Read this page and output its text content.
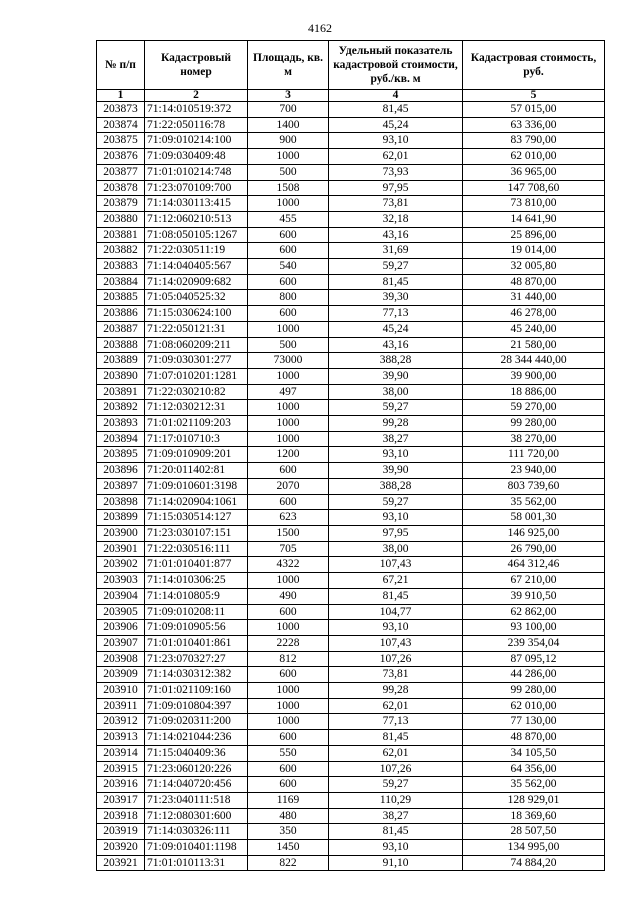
4162
№ п/п	Кадастровый номер	Площадь, кв. м	Удельный показатель кадастровой стоимости, руб./кв. м	Кадастровая стоимость, руб.
1	2	3	4	5
203873	71:14:010519:372	700	81,45	57 015,00
203874	71:22:050116:78	1400	45,24	63 336,00
203875	71:09:010214:100	900	93,10	83 790,00
203876	71:09:030409:48	1000	62,01	62 010,00
203877	71:01:010214:748	500	73,93	36 965,00
203878	71:23:070109:700	1508	97,95	147 708,60
203879	71:14:030113:415	1000	73,81	73 810,00
203880	71:12:060210:513	455	32,18	14 641,90
203881	71:08:050105:1267	600	43,16	25 896,00
203882	71:22:030511:19	600	31,69	19 014,00
203883	71:14:040405:567	540	59,27	32 005,80
203884	71:14:020909:682	600	81,45	48 870,00
203885	71:05:040525:32	800	39,30	31 440,00
203886	71:15:030624:100	600	77,13	46 278,00
203887	71:22:050121:31	1000	45,24	45 240,00
203888	71:08:060209:211	500	43,16	21 580,00
203889	71:09:030301:277	73000	388,28	28 344 440,00
203890	71:07:010201:1281	1000	39,90	39 900,00
203891	71:22:030210:82	497	38,00	18 886,00
203892	71:12:030212:31	1000	59,27	59 270,00
203893	71:01:021109:203	1000	99,28	99 280,00
203894	71:17:010710:3	1000	38,27	38 270,00
203895	71:09:010909:201	1200	93,10	111 720,00
203896	71:20:011402:81	600	39,90	23 940,00
203897	71:09:010601:3198	2070	388,28	803 739,60
203898	71:14:020904:1061	600	59,27	35 562,00
203899	71:15:030514:127	623	93,10	58 001,30
203900	71:23:030107:151	1500	97,95	146 925,00
203901	71:22:030516:111	705	38,00	26 790,00
203902	71:01:010401:877	4322	107,43	464 312,46
203903	71:14:010306:25	1000	67,21	67 210,00
203904	71:14:010805:9	490	81,45	39 910,50
203905	71:09:010208:11	600	104,77	62 862,00
203906	71:09:010905:56	1000	93,10	93 100,00
203907	71:01:010401:861	2228	107,43	239 354,04
203908	71:23:070327:27	812	107,26	87 095,12
203909	71:14:030312:382	600	73,81	44 286,00
203910	71:01:021109:160	1000	99,28	99 280,00
203911	71:09:010804:397	1000	62,01	62 010,00
203912	71:09:020311:200	1000	77,13	77 130,00
203913	71:14:021044:236	600	81,45	48 870,00
203914	71:15:040409:36	550	62,01	34 105,50
203915	71:23:060120:226	600	107,26	64 356,00
203916	71:14:040720:456	600	59,27	35 562,00
203917	71:23:040111:518	1169	110,29	128 929,01
203918	71:12:080301:600	480	38,27	18 369,60
203919	71:14:030326:111	350	81,45	28 507,50
203920	71:09:010401:1198	1450	93,10	134 995,00
203921	71:01:010113:31	822	91,10	74 884,20
